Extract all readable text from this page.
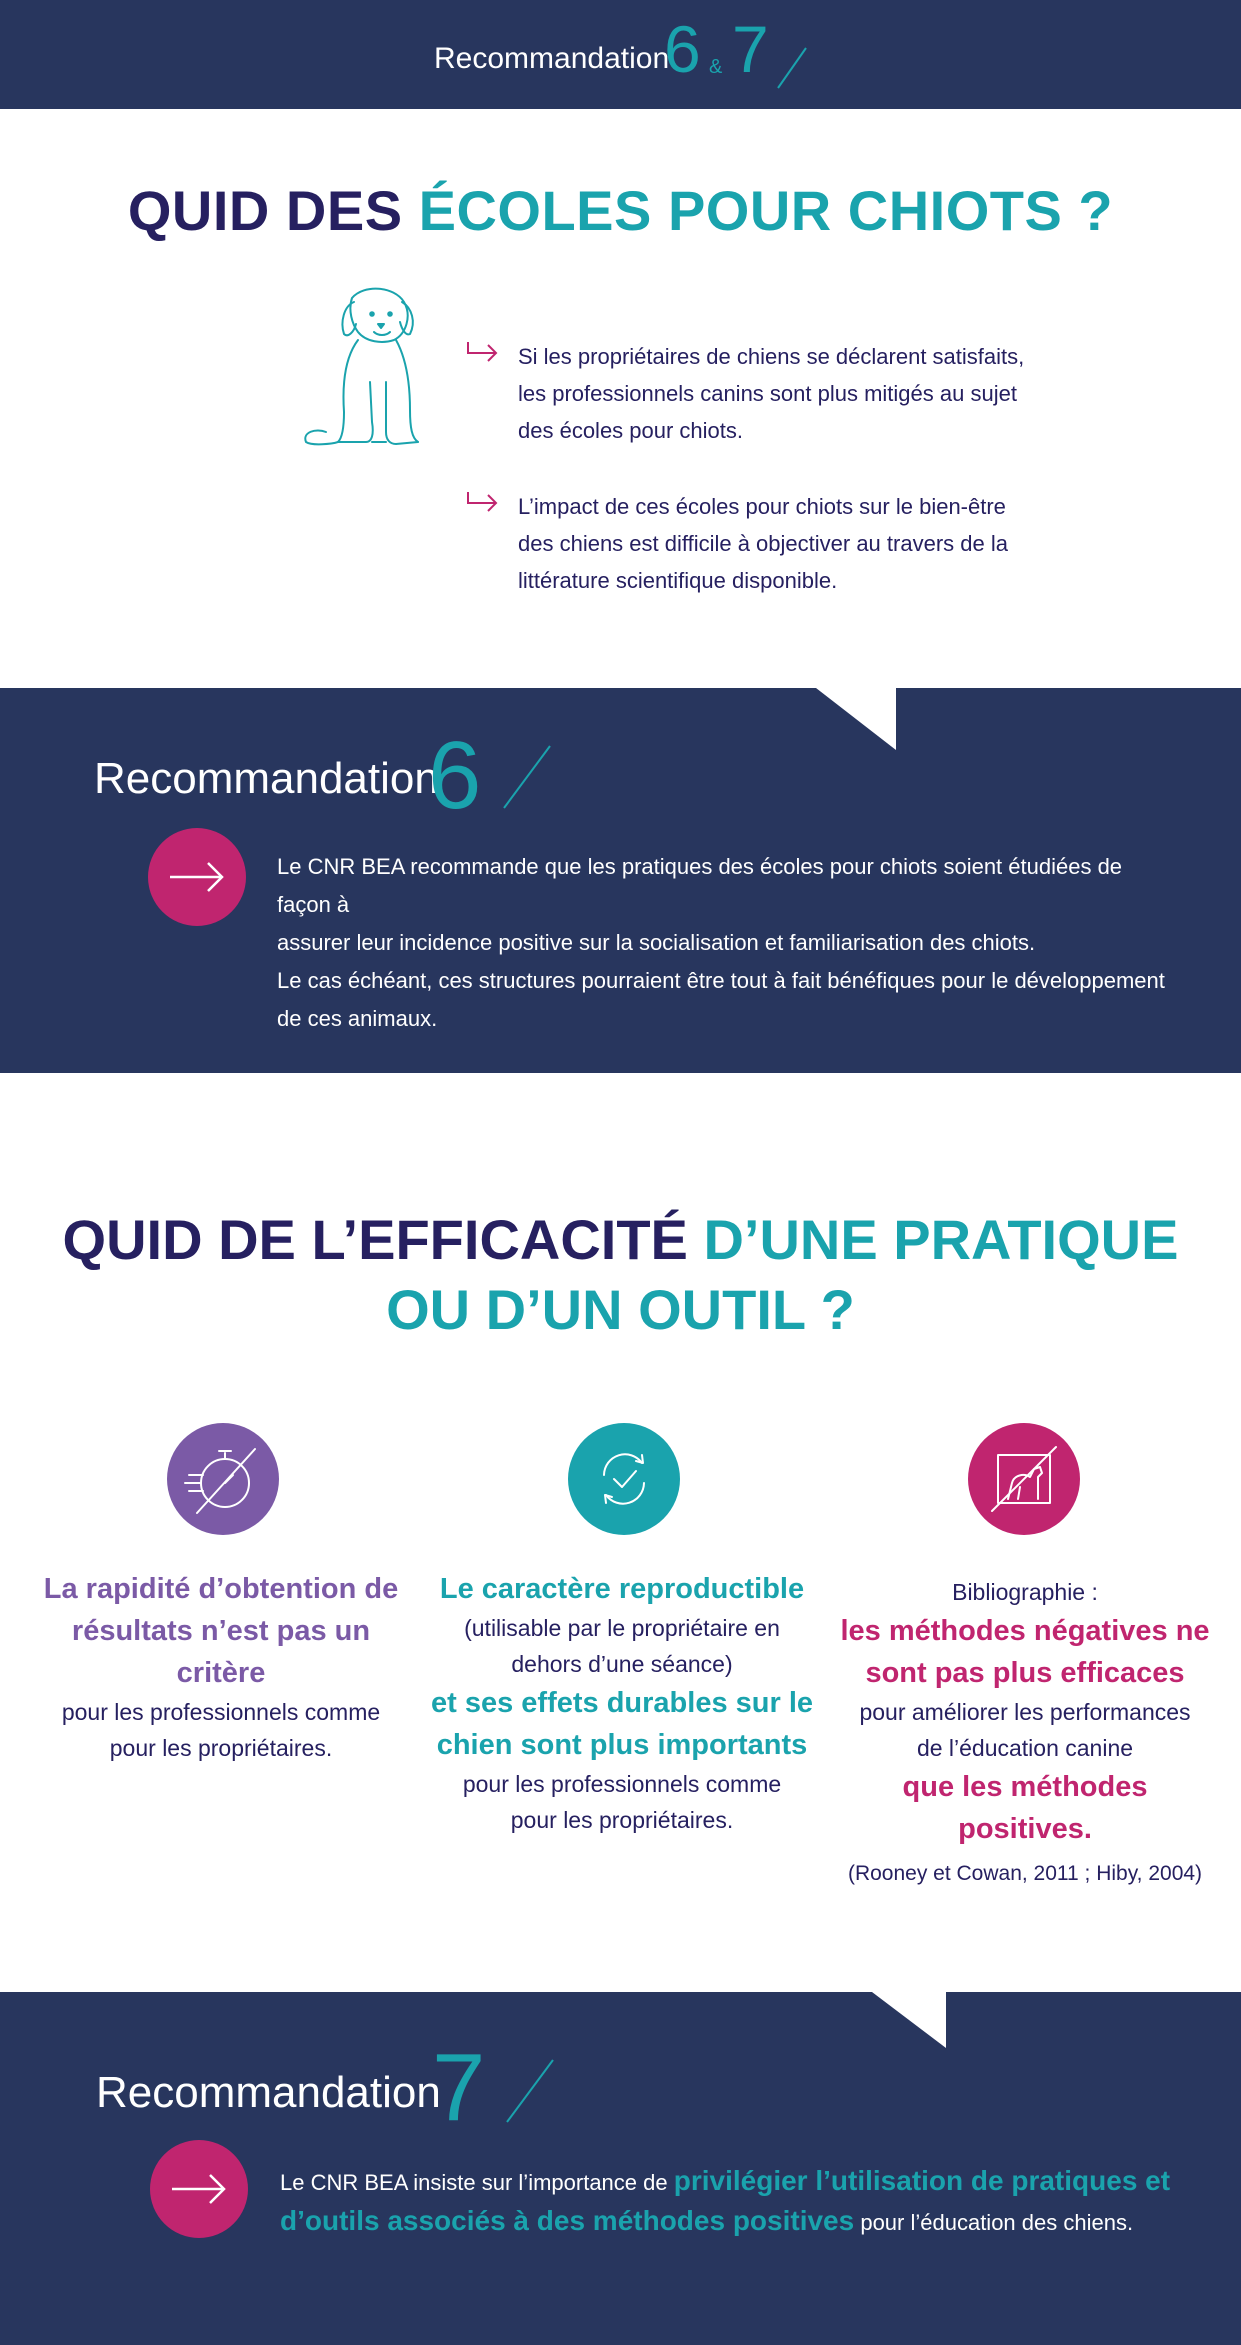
Recommandation
6 & 7
QUID DES ÉCOLES POUR CHIOTS ?

Si les propriétaires de chiens se déclarent satisfaits,
les professionnels canins sont plus mitigés au sujet
des écoles pour chiots.

L’impact de ces écoles pour chiots sur le bien-être
des chiens est difficile à objectiver au travers de la
littérature scientifique disponible.

Recommandation
6
Le CNR BEA recommande que les pratiques des écoles pour chiots soient étudiées de façon à
assurer leur incidence positive sur la socialisation et familiarisation des chiots.
Le cas échéant, ces structures pourraient être tout à fait bénéfiques pour le développement
de ces animaux.
QUID DE L’EFFICACITÉ D’UNE PRATIQUE
OU D’UN OUTIL ?
La rapidité d’obtention de
résultats n’est pas un critère
pour les professionnels comme
pour les propriétaires.
Le caractère reproductible
(utilisable par le propriétaire en
dehors d’une séance)
et ses effets durables sur le
chien sont plus importants
pour les professionnels comme
pour les propriétaires.
Bibliographie :
les méthodes négatives ne
sont pas plus efficaces
pour améliorer les performances
de l’éducation canine
que les méthodes
positives.
(Rooney et Cowan, 2011 ; Hiby, 2004)
Recommandation
7
Le CNR BEA insiste sur l’importance de privilégier l’utilisation de pratiques et
d’outils associés à des méthodes positives pour l’éducation des chiens.
